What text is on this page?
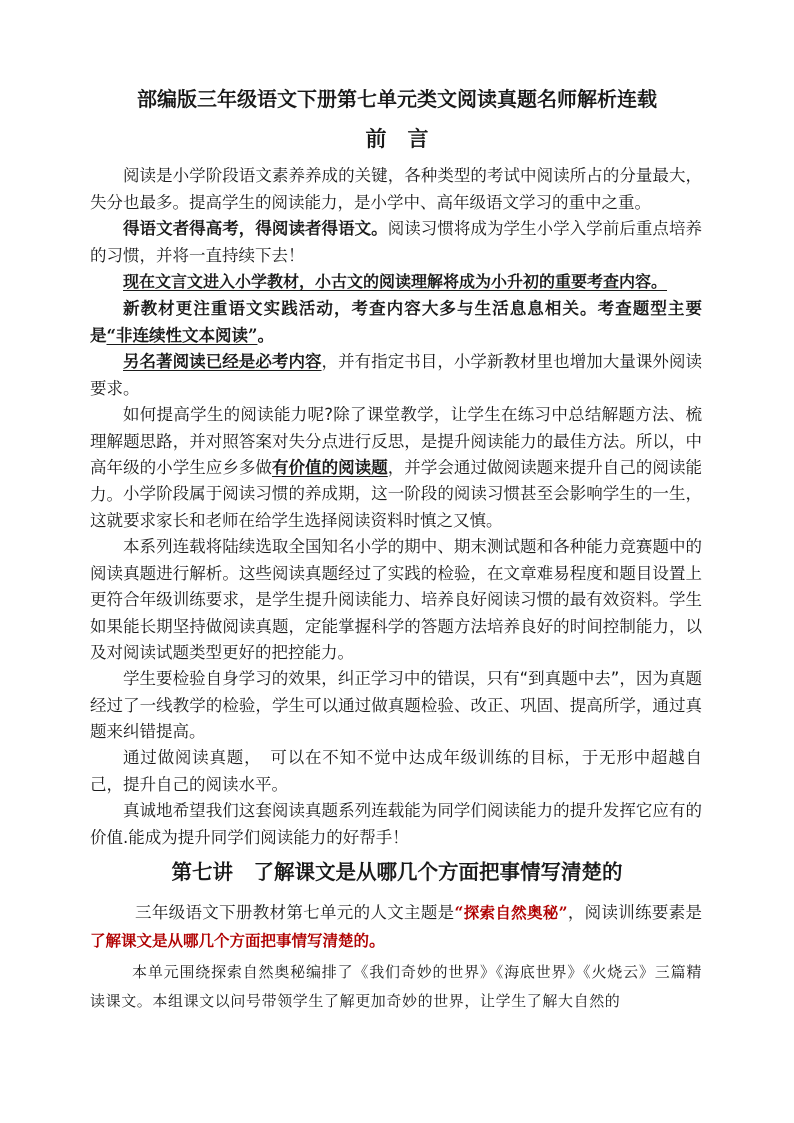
部编版三年级语文下册第七单元类文阅读真题名师解析连载
前　言
阅读是小学阶段语文素养养成的关键，各种类型的考试中阅读所占的分量最大，失分也最多。提高学生的阅读能力，是小学中、高年级语文学习的重中之重。
得语文者得高考，得阅读者得语文。阅读习惯将成为学生小学入学前后重点培养的习惯，并将一直持续下去！
现在文言文进入小学教材，小古文的阅读理解将成为小升初的重要考查内容。
新教材更注重语文实践活动，考查内容大多与生活息息相关。考查题型主要是“非连续性文本阅读”。
另名著阅读已经是必考内容，并有指定书目，小学新教材里也增加大量课外阅读要求。
如何提高学生的阅读能力呢?除了课堂教学，让学生在练习中总结解题方法、梳理解题思路，并对照答案对失分点进行反思，是提升阅读能力的最佳方法。所以，中高年级的小学生应乡多做有价值的阅读题，并学会通过做阅读题来提升自己的阅读能力。 小学阶段属于阅读习惯的养成期，这一阶段的阅读习惯甚至会影响学生的一生，这就要求家长和老师在给学生选择阅读资料时慎之又慎。
本系列连载将陆续选取全国知名小学的期中、期末测试题和各种能力竞赛题中的阅读真题进行解析。这些阅读真题经过了实践的检验，在文章难易程度和题目设置上更符合年级训练要求，是学生提升阅读能力、培养良好阅读习惯的最有效资料。学生如果能长期坚持做阅读真题，定能掌握科学的答题方法培养良好的时间控制能力，以及对阅读试题类型更好的把控能力。
学生要检验自身学习的效果，纠正学习中的错误，只有“到真题中去”，因为真题经过了一线教学的检验，学生可以通过做真题检验、改正、巩固、提高所学，通过真题来纠错提高。
通过做阅读真题，　可以在不知不觉中达成年级训练的目标，于无形中超越自己，提升自己的阅读水平。
真诚地希望我们这套阅读真题系列连载能为同学们阅读能力的提升发挥它应有的价值.能成为提升同学们阅读能力的好帮手！
第七讲　了解课文是从哪几个方面把事情写清楚的
三年级语文下册教材第七单元的人文主题是“探索自然奥秘”，阅读训练要素是了解课文是从哪几个方面把事情写清楚的。
本单元围绕探索自然奥秘编排了《我们奇妙的世界》《海底世界》《火烧云》三篇精读课文。本组课文以问号带领学生了解更加奇妙的世界，让学生了解大自然的
